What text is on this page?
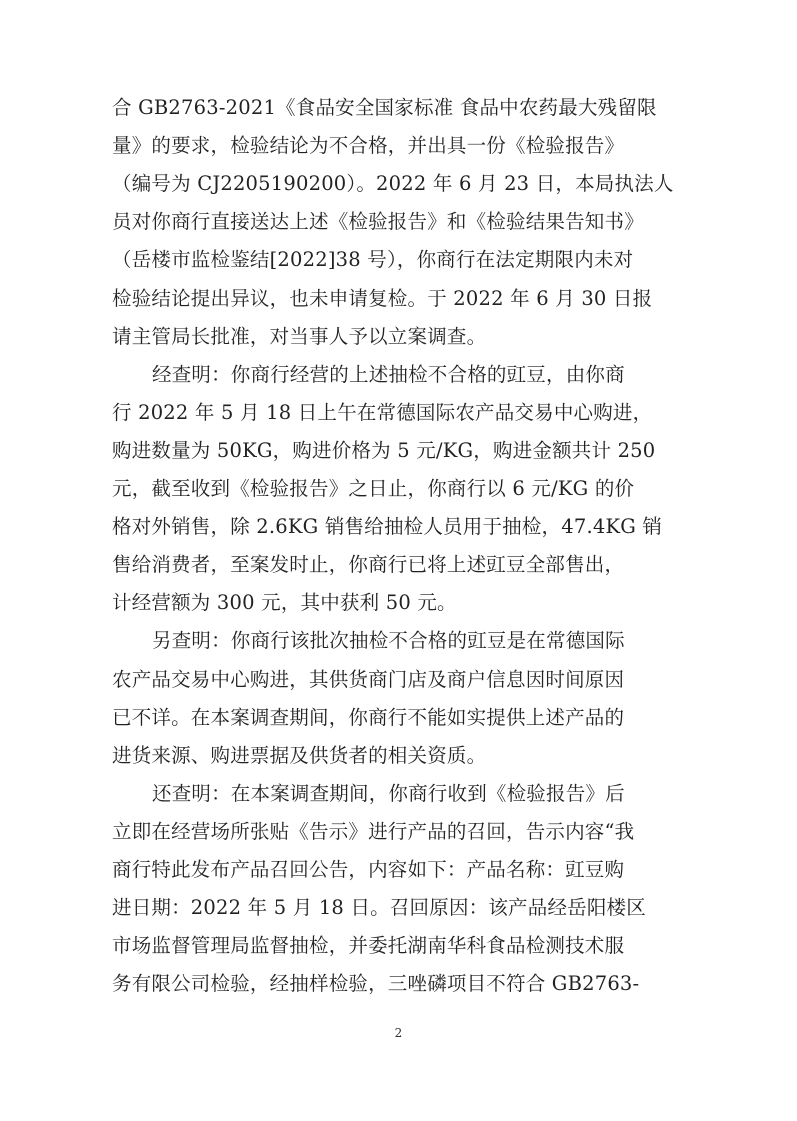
合 GB2763-2021《食品安全国家标准 食品中农药最大残留限
量》的要求，检验结论为不合格，并出具一份《检验报告》
（编号为 CJ2205190200）。2022 年 6 月 23 日，本局执法人
员对你商行直接送达上述《检验报告》和《检验结果告知书》
（岳楼市监检鉴结[2022]38 号），你商行在法定期限内未对
检验结论提出异议，也未申请复检。于 2022 年 6 月 30 日报
请主管局长批准，对当事人予以立案调查。
经查明：你商行经营的上述抽检不合格的豇豆，由你商
行 2022 年 5 月 18 日上午在常德国际农产品交易中心购进，
购进数量为 50KG，购进价格为 5 元/KG，购进金额共计 250
元，截至收到《检验报告》之日止，你商行以 6 元/KG 的价
格对外销售，除 2.6KG 销售给抽检人员用于抽检，47.4KG 销
售给消费者，至案发时止，你商行已将上述豇豆全部售出，
计经营额为 300 元，其中获利 50 元。
另查明：你商行该批次抽检不合格的豇豆是在常德国际
农产品交易中心购进，其供货商门店及商户信息因时间原因
已不详。在本案调查期间，你商行不能如实提供上述产品的
进货来源、购进票据及供货者的相关资质。
还查明：在本案调查期间，你商行收到《检验报告》后
立即在经营场所张贴《告示》进行产品的召回，告示内容“我
商行特此发布产品召回公告，内容如下：产品名称：豇豆购
进日期：2022 年 5 月 18 日。召回原因：该产品经岳阳楼区
市场监督管理局监督抽检，并委托湖南华科食品检测技术服
务有限公司检验，经抽样检验，三唑磷项目不符合 GB2763-
2
